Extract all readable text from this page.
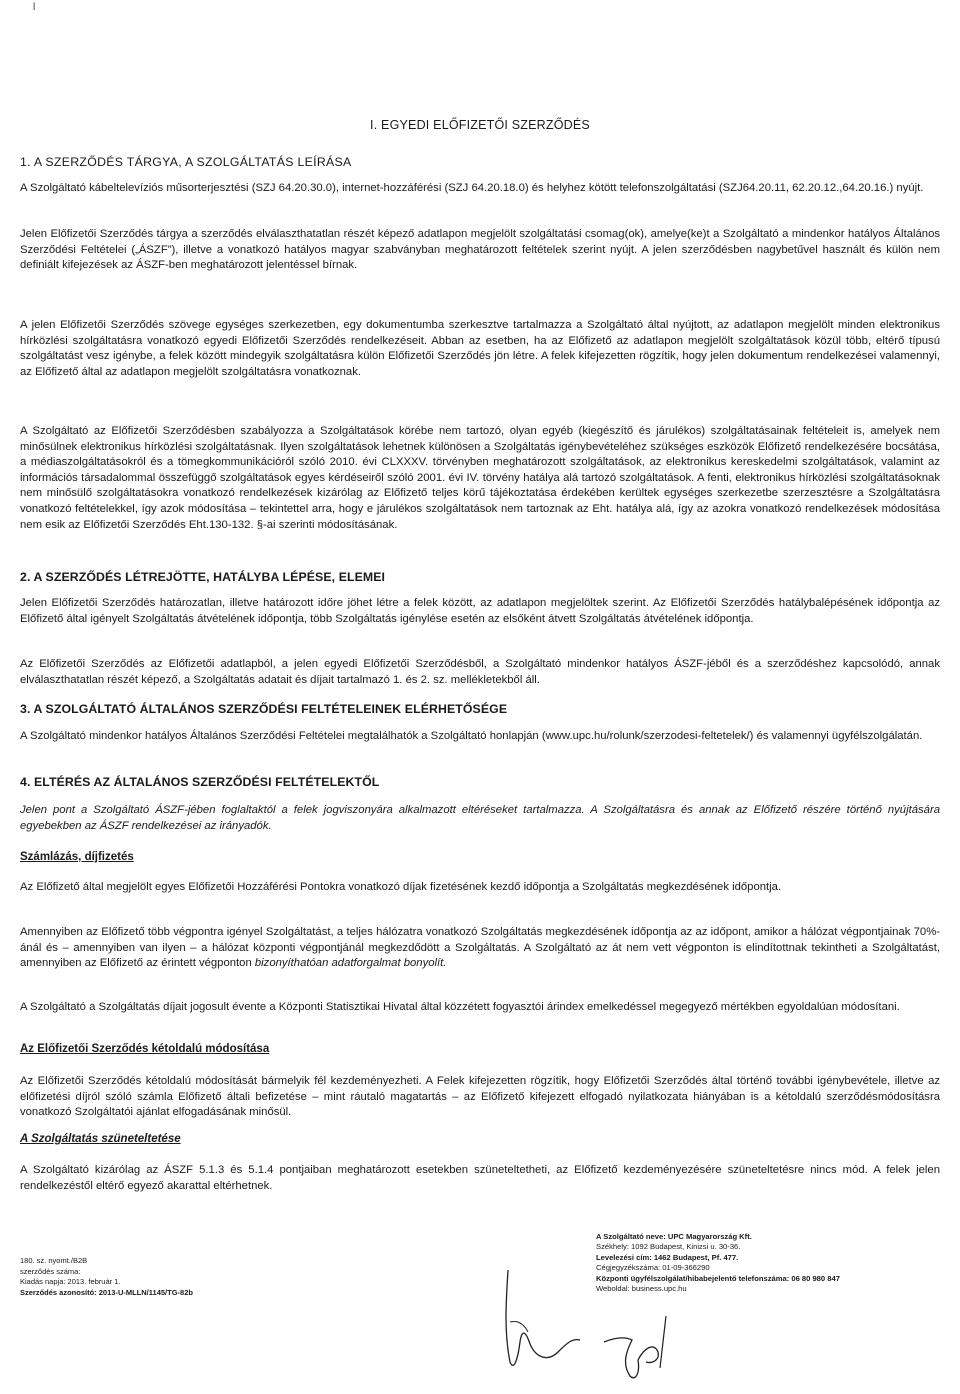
l
I. EGYEDI ELŐFIZETŐI SZERZŐDÉS

1. A SZERZŐDÉS TÁRGYA, A SZOLGÁLTATÁS LEÍRÁSA

A Szolgáltató kábeltelevíziós műsorterjesztési (SZJ 64.20.30.0), internet-hozzáférési (SZJ 64.20.18.0) és helyhez kötött telefonszolgáltatási (SZJ64.20.11, 62.20.12.,64.20.16.) nyújt.

Jelen Előfizetői Szerződés tárgya a szerződés elválaszthatatlan részét képező adatlapon megjelölt szolgáltatási csomag(ok), amelye(ke)t a Szolgáltató a mindenkor hatályos Általános Szerződési Feltételei („ÁSZF”), illetve a vonatkozó hatályos magyar szabványban meghatározott feltételek szerint nyújt. A jelen szerződésben nagybetűvel használt és külön nem definiált kifejezések az ÁSZF-ben meghatározott jelentéssel bírnak.

A jelen Előfizetői Szerződés szövege egységes szerkezetben, egy dokumentumba szerkesztve tartalmazza a Szolgáltató által nyújtott, az adatlapon megjelölt minden elektronikus hírközlési szolgáltatásra vonatkozó egyedi Előfizetői Szerződés rendelkezéseit. Abban az esetben, ha az Előfizető az adatlapon megjelölt szolgáltatások közül több, eltérő típusú szolgáltatást vesz igénybe, a felek között mindegyik szolgáltatásra külön Előfizetői Szerződés jön létre. A felek kifejezetten rögzítik, hogy jelen dokumentum rendelkezései valamennyi, az Előfizető által az adatlapon megjelölt szolgáltatásra vonatkoznak.

A Szolgáltató az Előfizetői Szerződésben szabályozza a Szolgáltatások körébe nem tartozó, olyan egyéb (kiegészítő és járulékos) szolgáltatásainak feltételeit is, amelyek nem minősülnek elektronikus hírközlési szolgáltatásnak. Ilyen szolgáltatások lehetnek különösen a Szolgáltatás igénybevételéhez szükséges eszközök Előfizető rendelkezésére bocsátása, a médiaszolgáltatásokról és a tömegkommunikációról szóló 2010. évi CLXXXV. törvényben meghatározott szolgáltatások, az elektronikus kereskedelmi szolgáltatások, valamint az információs társadalommal összefüggő szolgáltatások egyes kérdéseiről szóló 2001. évi IV. törvény hatálya alá tartozó szolgáltatások. A fenti, elektronikus hírközlési szolgáltatásoknak nem minősülő szolgáltatásokra vonatkozó rendelkezések kizárólag az Előfizető teljes körű tájékoztatása érdekében kerültek egységes szerkezetbe szerzesztésre a Szolgáltatásra vonatkozó feltételekkel, így azok módosítása – tekintettel arra, hogy e járulékos szolgáltatások nem tartoznak az Eht. hatálya alá, így az azokra vonatkozó rendelkezések módosítása nem esik az Előfizetői Szerződés Eht.130-132. §-ai szerinti módosításának.

2. A SZERZŐDÉS LÉTREJÖTTE, HATÁLYBA LÉPÉSE, ELEMEI

Jelen Előfizetői Szerződés határozatlan, illetve határozott időre jöhet létre a felek között, az adatlapon megjelöltek szerint. Az Előfizetői Szerződés hatálybalépésének időpontja az Előfizető által igényelt Szolgáltatás átvételének időpontja, több Szolgáltatás igénylése esetén az elsőként átvett Szolgáltatás átvételének időpontja.

Az Előfizetői Szerződés az Előfizetői adatlapból, a jelen egyedi Előfizetői Szerződésből, a Szolgáltató mindenkor hatályos ÁSZF-jéből és a szerződéshez kapcsolódó, annak elválaszthatatlan részét képező, a Szolgáltatás adatait és díjait tartalmazó 1. és 2. sz. mellékletekből áll.

3. A SZOLGÁLTATÓ ÁLTALÁNOS SZERZŐDÉSI FELTÉTELEINEK ELÉRHETŐSÉGE

A Szolgáltató mindenkor hatályos Általános Szerződési Feltételei megtalálhatók a Szolgáltató honlapján (www.upc.hu/rolunk/szerzodesi-feltetelek/) és valamennyi ügyfélszolgálatán.

4. ELTÉRÉS AZ ÁLTALÁNOS SZERZŐDÉSI FELTÉTELEKTŐL

Jelen pont a Szolgáltató ÁSZF-jében foglaltaktól a felek jogviszonyára alkalmazott eltéréseket tartalmazza. A Szolgáltatásra és annak az Előfizető részére történő nyújtására egyebekben az ÁSZF rendelkezései az irányadók.

Számlázás, díjfizetés

Az Előfizető által megjelölt egyes Előfizetői Hozzáférési Pontokra vonatkozó díjak fizetésének kezdő időpontja a Szolgáltatás megkezdésének időpontja.

Amennyiben az Előfizető több végpontra igényel Szolgáltatást, a teljes hálózatra vonatkozó Szolgáltatás megkezdésének időpontja az az időpont, amikor a hálózat végpontjainak 70%-ánál és – amennyiben van ilyen – a hálózat központi végpontjánál megkezdődött a Szolgáltatás. A Szolgáltató az át nem vett végponton is elindítottnak tekintheti a Szolgáltatást, amennyiben az Előfizető az érintett végponton bizonyíthatóan adatforgalmat bonyolít.

A Szolgáltató a Szolgáltatás díjait jogosult évente a Központi Statisztikai Hivatal által közzétett fogyasztói árindex emelkedéssel megegyező mértékben egyoldalúan módosítani.

Az Előfizetői Szerződés kétoldalú módosítása

Az Előfizetői Szerződés kétoldalú módosítását bármelyik fél kezdeményezheti. A Felek kifejezetten rögzítik, hogy Előfizetői Szerződés által történő további igénybevétele, illetve az előfizetési díjról szóló számla Előfizető általi befizetése – mint ráutaló magatartás – az Előfizető kifejezett elfogadó nyilatkozata hiányában is a kétoldalú szerződésmódosításra vonatkozó Szolgáltatói ajánlat elfogadásának minősül.

A Szolgáltatás szüneteltetése

A Szolgáltató kizárólag az ÁSZF 5.1.3 és 5.1.4 pontjaiban meghatározott esetekben szüneteltetheti, az Előfizető kezdeményezésére szüneteltetésre nincs mód. A felek jelen rendelkezéstől eltérő egyező akarattal eltérhetnek.

180. sz. nyomt./B2B
szerződés száma:
Kiadás napja: 2013. február 1.
Szerződés azonosító: 2013-U-MLLN/1145/TG-82b
A Szolgáltató neve: UPC Magyarország Kft.
Székhely: 1092 Budapest, Kinizsi u. 30-36.
Levelezési cím: 1462 Budapest, Pf. 477.
Cégjegyzékszáma: 01-09-366290
Központi ügyfélszolgálat/hibabejelentő telefonszáma: 06 80 980 847
Weboldal: business.upc.hu
